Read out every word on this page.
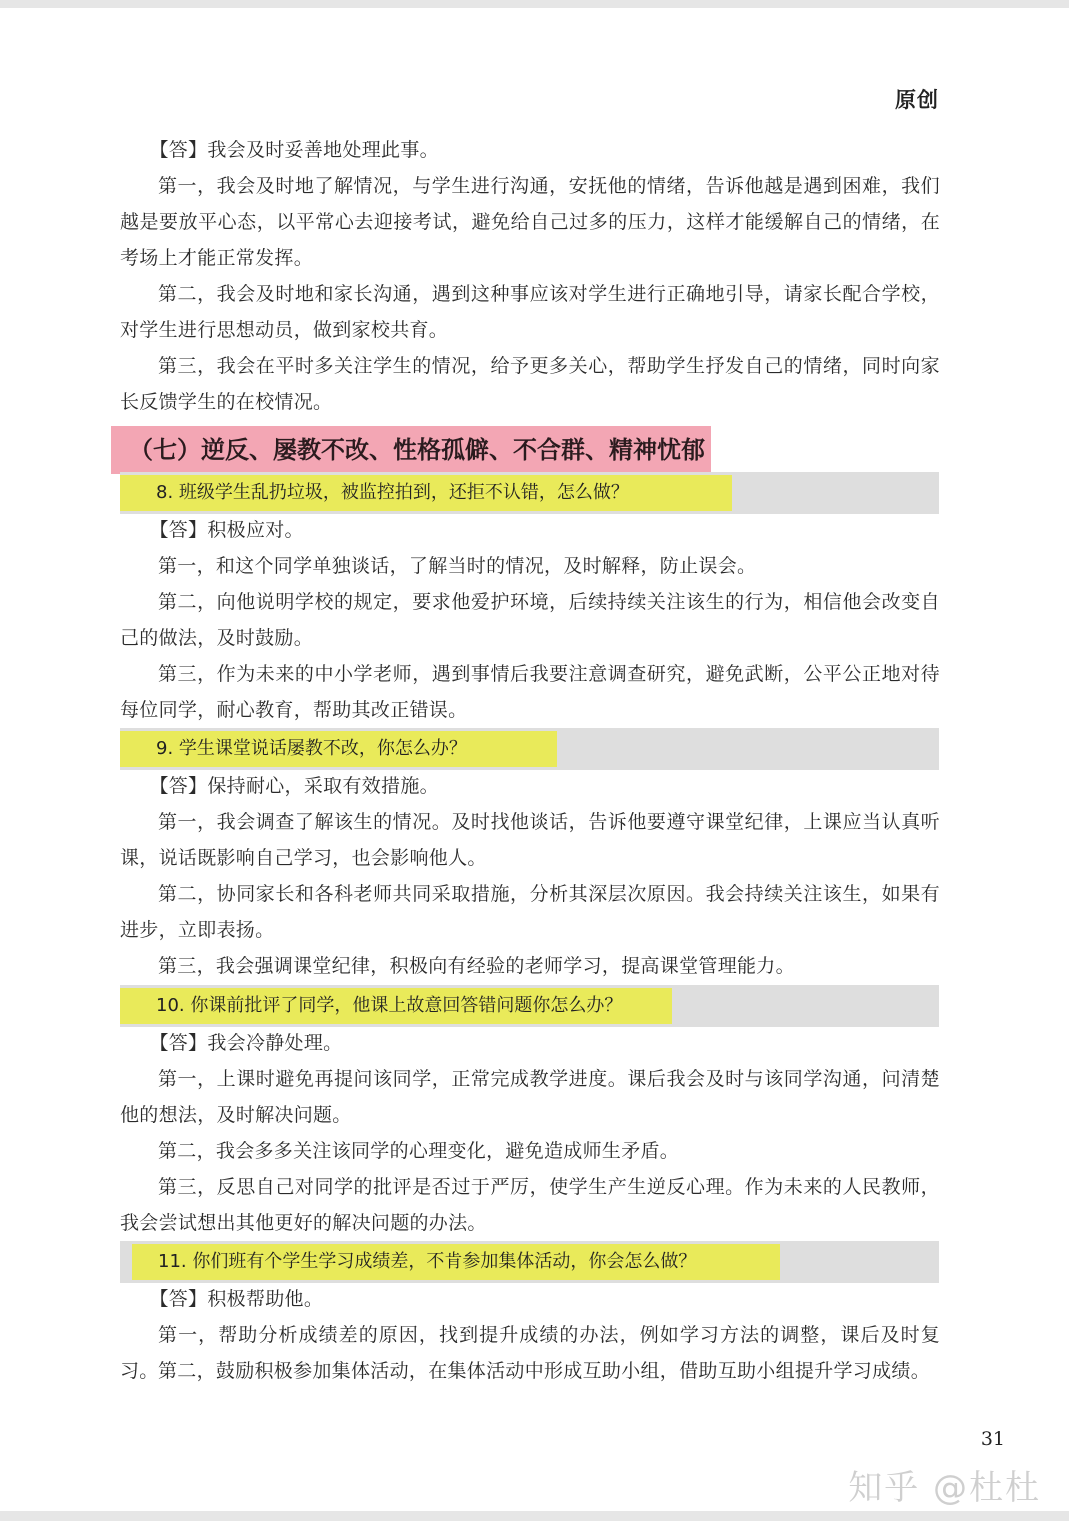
原创

【答】我会及时妥善地处理此事。

第一，我会及时地了解情况，与学生进行沟通，安抚他的情绪，告诉他越是遇到困难，我们越是要放平心态，以平常心去迎接考试，避免给自己过多的压力，这样才能缓解自己的情绪，在考场上才能正常发挥。

第二，我会及时地和家长沟通，遇到这种事应该对学生进行正确地引导，请家长配合学校，对学生进行思想动员，做到家校共育。

第三，我会在平时多关注学生的情况，给予更多关心，帮助学生抒发自己的情绪，同时向家长反馈学生的在校情况。

（七）逆反、屡教不改、性格孤僻、不合群、精神忧郁
8. 班级学生乱扔垃圾，被监控拍到，还拒不认错，怎么做？

【答】积极应对。

第一，和这个同学单独谈话，了解当时的情况，及时解释，防止误会。

第二，向他说明学校的规定，要求他爱护环境，后续持续关注该生的行为，相信他会改变自己的做法，及时鼓励。

第三，作为未来的中小学老师，遇到事情后我要注意调查研究，避免武断，公平公正地对待每位同学，耐心教育，帮助其改正错误。

9. 学生课堂说话屡教不改，你怎么办？

【答】保持耐心，采取有效措施。

第一，我会调查了解该生的情况。及时找他谈话，告诉他要遵守课堂纪律，上课应当认真听课，说话既影响自己学习，也会影响他人。

第二，协同家长和各科老师共同采取措施，分析其深层次原因。我会持续关注该生，如果有进步，立即表扬。

第三，我会强调课堂纪律，积极向有经验的老师学习，提高课堂管理能力。

10. 你课前批评了同学，他课上故意回答错问题你怎么办？

【答】我会冷静处理。

第一，上课时避免再提问该同学，正常完成教学进度。课后我会及时与该同学沟通，问清楚他的想法，及时解决问题。

第二，我会多多关注该同学的心理变化，避免造成师生矛盾。

第三，反思自己对同学的批评是否过于严厉，使学生产生逆反心理。作为未来的人民教师，我会尝试想出其他更好的解决问题的办法。

11. 你们班有个学生学习成绩差，不肯参加集体活动，你会怎么做？

【答】积极帮助他。

第一，帮助分析成绩差的原因，找到提升成绩的办法，例如学习方法的调整，课后及时复习。 第二，鼓励积极参加集体活动，在集体活动中形成互助小组，借助互助小组提升学习成绩。

31
知乎 @杜杜
